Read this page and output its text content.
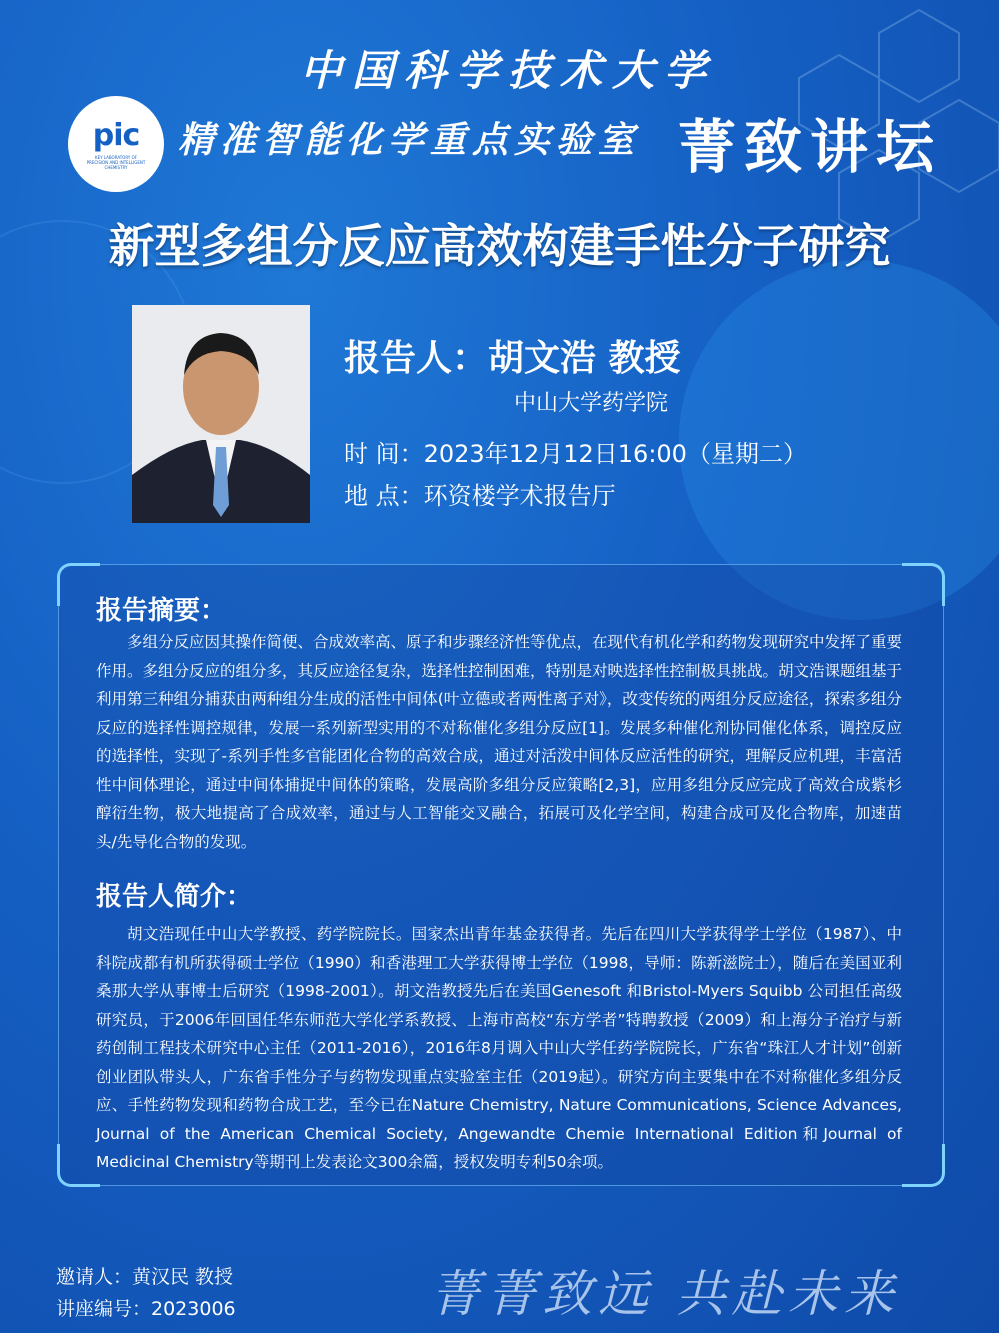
pic
KEY LABORATORY OF PRECISION AND INTELLIGENT CHEMISTRY
中国科学技术大学
精准智能化学重点实验室 菁致讲坛
新型多组分反应高效构建手性分子研究
报告人：胡文浩 教授
中山大学药学院
时 间：2023年12月12日16:00（星期二）
地 点：环资楼学术报告厅
报告摘要：
多组分反应因其操作简便、合成效率高、原子和步骤经济性等优点，在现代有机化学和药物发现研究中发挥了重要作用。多组分反应的组分多，其反应途径复杂，选择性控制困难，特别是对映选择性控制极具挑战。胡文浩课题组基于利用第三种组分捕获由两种组分生成的活性中间体(叶立德或者两性离子对》，改变传统的两组分反应途径，探索多组分反应的选择性调控规律，发展一系列新型实用的不对称催化多组分反应[1]。发展多种催化剂协同催化体系，调控反应的选择性，实现了-系列手性多官能团化合物的高效合成，通过对活泼中间体反应活性的研究，理解反应机理，丰富活性中间体理论，通过中间体捕捉中间体的策略，发展高阶多组分反应策略[2,3]，应用多组分反应完成了高效合成紫杉醇衍生物，极大地提高了合成效率，通过与人工智能交叉融合，拓展可及化学空间，构建合成可及化合物库，加速苗头/先导化合物的发现。
报告人简介：
胡文浩现任中山大学教授、药学院院长。国家杰出青年基金获得者。先后在四川大学获得学士学位（1987）、中科院成都有机所获得硕士学位（1990）和香港理工大学获得博士学位（1998，导师：陈新滋院士），随后在美国亚利桑那大学从事博士后研究（1998-2001）。胡文浩教授先后在美国Genesoft 和Bristol-Myers Squibb 公司担任高级研究员，于2006年回国任华东师范大学化学系教授、上海市高校“东方学者”特聘教授（2009）和上海分子治疗与新药创制工程技术研究中心主任（2011-2016），2016年8月调入中山大学任药学院院长，广东省“珠江人才计划”创新创业团队带头人，广东省手性分子与药物发现重点实验室主任（2019起）。研究方向主要集中在不对称催化多组分反应、手性药物发现和药物合成工艺，至今已在Nature Chemistry, Nature Communications, Science Advances, Journal of the American Chemical Society, Angewandte Chemie International Edition和Journal of Medicinal Chemistry等期刊上发表论文300余篇，授权发明专利50余项。
邀请人：黄汉民 教授
讲座编号：2023006	菁菁致远 共赴未来
